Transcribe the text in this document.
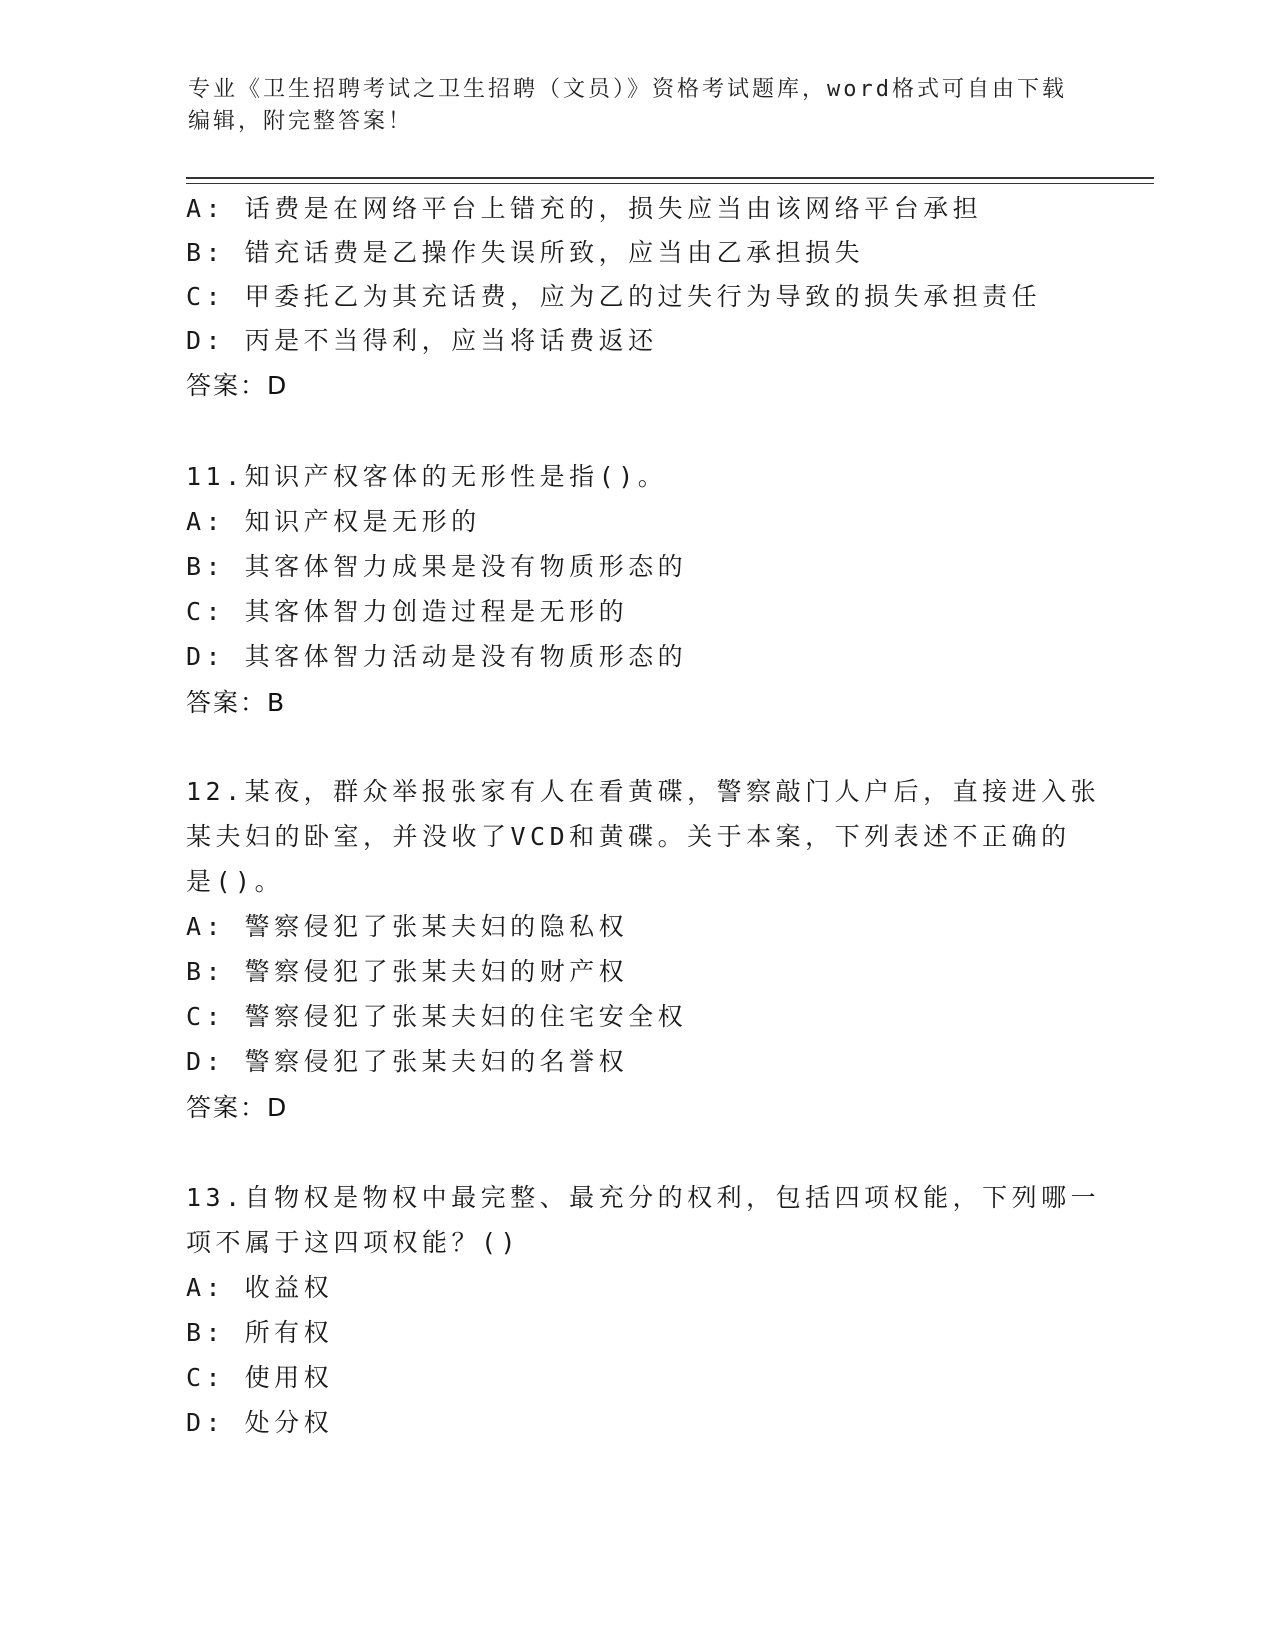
专业《卫生招聘考试之卫生招聘（文员）》资格考试题库，word格式可自由下载
编辑，附完整答案！
A: 话费是在网络平台上错充的，损失应当由该网络平台承担
B: 错充话费是乙操作失误所致，应当由乙承担损失
C: 甲委托乙为其充话费，应为乙的过失行为导致的损失承担责任
D: 丙是不当得利，应当将话费返还
答案：D
11.知识产权客体的无形性是指()。
A: 知识产权是无形的
B: 其客体智力成果是没有物质形态的
C: 其客体智力创造过程是无形的
D: 其客体智力活动是没有物质形态的
答案：B
12.某夜，群众举报张家有人在看黄碟，警察敲门人户后，直接进入张
某夫妇的卧室，并没收了VCD和黄碟。关于本案，下列表述不正确的
是()。
A: 警察侵犯了张某夫妇的隐私权
B: 警察侵犯了张某夫妇的财产权
C: 警察侵犯了张某夫妇的住宅安全权
D: 警察侵犯了张某夫妇的名誉权
答案：D
13.自物权是物权中最完整、最充分的权利，包括四项权能，下列哪一
项不属于这四项权能？()
A: 收益权
B: 所有权
C: 使用权
D: 处分权
